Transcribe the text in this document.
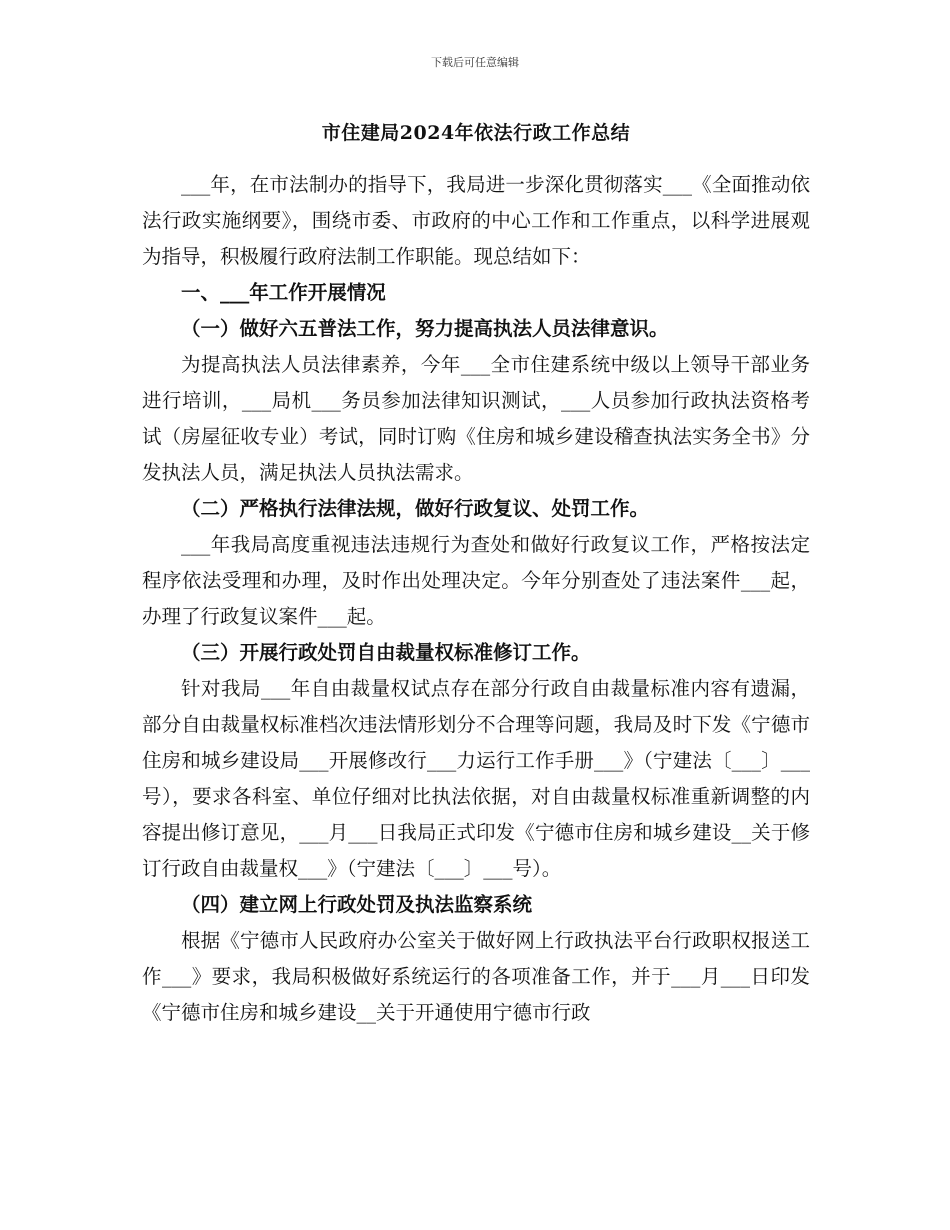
下载后可任意编辑
市住建局2024年依法行政工作总结

___年，在市法制办的指导下，我局进一步深化贯彻落实___《全面推动依法行政实施纲要》，围绕市委、市政府的中心工作和工作重点，以科学进展观为指导，积极履行政府法制工作职能。现总结如下：

一、___年工作开展情况

（一）做好六五普法工作，努力提高执法人员法律意识。

为提高执法人员法律素养，今年___全市住建系统中级以上领导干部业务进行培训，___局机___务员参加法律知识测试，___人员参加行政执法资格考试（房屋征收专业）考试，同时订购《住房和城乡建设稽查执法实务全书》分发执法人员，满足执法人员执法需求。

（二）严格执行法律法规，做好行政复议、处罚工作。

___年我局高度重视违法违规行为查处和做好行政复议工作，严格按法定程序依法受理和办理，及时作出处理决定。今年分别查处了违法案件___起，办理了行政复议案件___起。

（三）开展行政处罚自由裁量权标准修订工作。

针对我局___年自由裁量权试点存在部分行政自由裁量标准内容有遗漏，部分自由裁量权标准档次违法情形划分不合理等问题，我局及时下发《宁德市住房和城乡建设局___开展修改行___力运行工作手册___》（宁建法〔___〕___号），要求各科室、单位仔细对比执法依据，对自由裁量权标准重新调整的内容提出修订意见，___月___日我局正式印发《宁德市住房和城乡建设__关于修订行政自由裁量权___》（宁建法〔___〕___号）。

（四）建立网上行政处罚及执法监察系统

根据《宁德市人民政府办公室关于做好网上行政执法平台行政职权报送工作___》要求，我局积极做好系统运行的各项准备工作，并于___月___日印发《宁德市住房和城乡建设__关于开通使用宁德市行政
